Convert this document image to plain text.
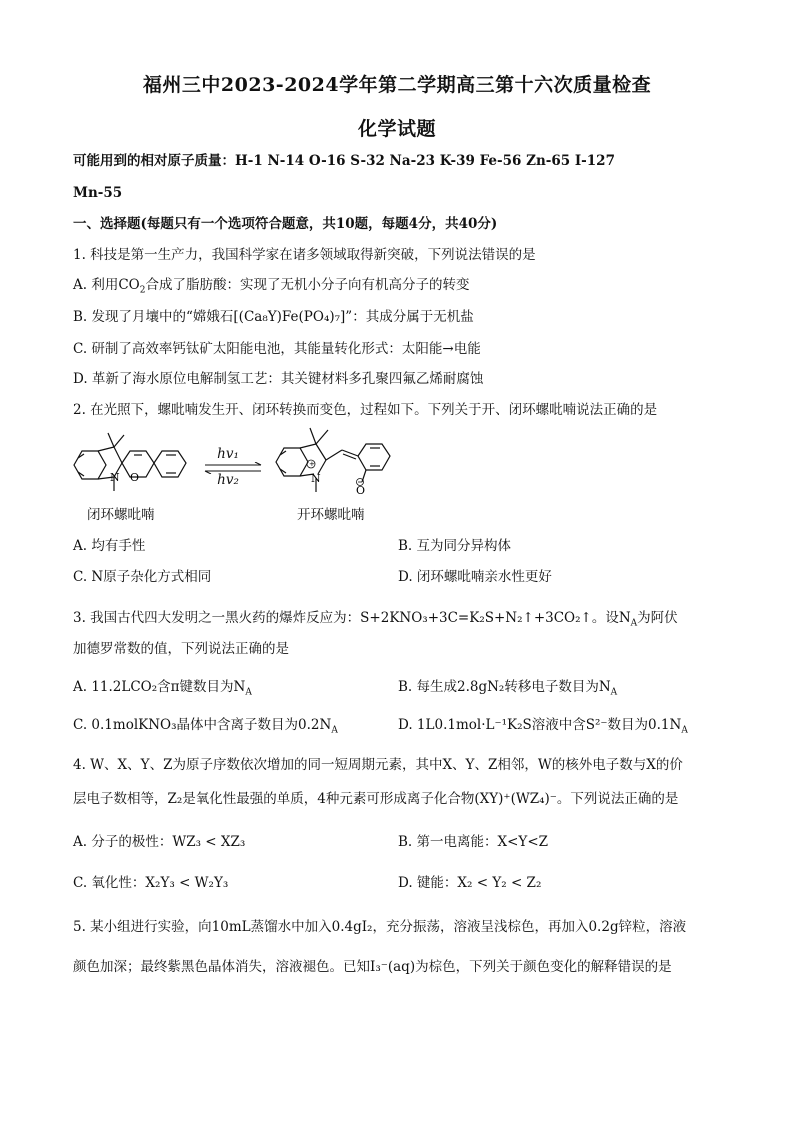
福州三中2023-2024学年第二学期高三第十六次质量检查
化学试题
可能用到的相对原子质量：H-1 N-14 O-16 S-32 Na-23 K-39 Fe-56 Zn-65 I-127
Mn-55
一、选择题(每题只有一个选项符合题意，共10题，每题4分，共40分)
1. 科技是第一生产力，我国科学家在诸多领域取得新突破，下列说法错误的是
A. 利用$CO_2$合成了脂肪酸：实现了无机小分子向有机高分子的转变
B. 发现了月壤中的“嫦娥石[(Ca₈Y)Fe(PO₄)₇]”：其成分属于无机盐
C. 研制了高效率钙钛矿太阳能电池，其能量转化形式：太阳能→电能
D. 革新了海水原位电解制氢工艺：其关键材料多孔聚四氟乙烯耐腐蚀
2. 在光照下，螺吡喃发生开、闭环转换而变色，过程如下。下列关于开、闭环螺吡喃说法正确的是
N O
hv₁
hv₂
+
N
O
闭环螺吡喃	开环螺吡喃
A. 均有手性	B. 互为同分异构体
C. N原子杂化方式相同	D. 闭环螺吡喃亲水性更好
3. 我国古代四大发明之一黑火药的爆炸反应为：S+2KNO₃+3C=K₂S+N₂↑+3CO₂↑。设$N_A$为阿伏
加德罗常数的值，下列说法正确的是
A. 11.2LCO₂含π键数目为$N_A$	B. 每生成2.8gN₂转移电子数目为$N_A$
C. 0.1molKNO₃晶体中含离子数目为$0.2N_A$	D. 1L0.1mol·L⁻¹K₂S溶液中含S²⁻数目为$0.1N_A$
4. W、X、Y、Z为原子序数依次增加的同一短周期元素，其中X、Y、Z相邻，W的核外电子数与X的价
层电子数相等，Z₂是氧化性最强的单质，4种元素可形成离子化合物(XY)⁺(WZ₄)⁻。下列说法正确的是
A. 分子的极性：WZ₃ < XZ₃	B. 第一电离能：X<Y<Z
C. 氧化性：X₂Y₃ < W₂Y₃	D. 键能：X₂ < Y₂ < Z₂
5. 某小组进行实验，向10mL蒸馏水中加入0.4gI₂，充分振荡，溶液呈浅棕色，再加入0.2g锌粒，溶液
颜色加深；最终紫黑色晶体消失，溶液褪色。已知I₃⁻(aq)为棕色，下列关于颜色变化的解释错误的是
